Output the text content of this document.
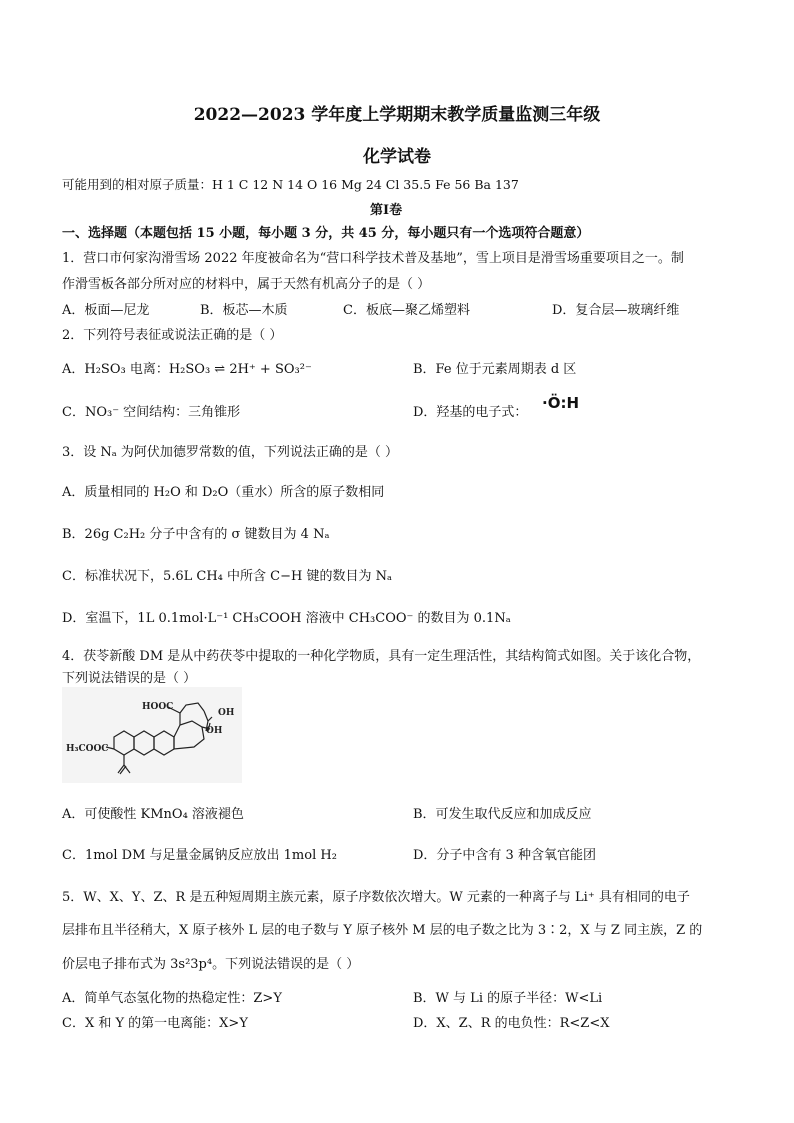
2022—2023 学年度上学期期末教学质量监测三年级
化学试卷
可能用到的相对原子质量：H 1 C 12 N 14 O 16 Mg 24 Cl 35.5 Fe 56 Ba 137
第Ⅰ卷
一、选择题（本题包括 15 小题，每小题 3 分，共 45 分，每小题只有一个选项符合题意）
1．营口市何家沟滑雪场 2022 年度被命名为“营口科学技术普及基地”，雪上项目是滑雪场重要项目之一。制
作滑雪板各部分所对应的材料中，属于天然有机高分子的是（ ）
A．板面—尼龙	B．板芯—木质	C．板底—聚乙烯塑料	D．复合层—玻璃纤维
2．下列符号表征或说法正确的是（ ）
A．H₂SO₃ 电离：H₂SO₃ ⇌ 2H⁺ + SO₃²⁻	B．Fe 位于元素周期表 d 区
C．NO₃⁻ 空间结构：三角锥形	D．羟基的电子式：
·Ö:H
3．设 Nₐ 为阿伏加德罗常数的值，下列说法正确的是（ ）
A．质量相同的 H₂O 和 D₂O（重水）所含的原子数相同
B．26g C₂H₂ 分子中含有的 σ 键数目为 4 Nₐ
C．标准状况下，5.6L CH₄ 中所含 C−H 键的数目为 Nₐ
D．室温下，1L 0.1mol·L⁻¹ CH₃COOH 溶液中 CH₃COO⁻ 的数目为 0.1Nₐ
4．茯苓新酸 DM 是从中药茯苓中提取的一种化学物质，具有一定生理活性，其结构简式如图。关于该化合物，
下列说法错误的是（ ）
HOOC
OH
OH
H₃COOC
A．可使酸性 KMnO₄ 溶液褪色	B．可发生取代反应和加成反应
C．1mol DM 与足量金属钠反应放出 1mol H₂	D．分子中含有 3 种含氧官能团
5．W、X、Y、Z、R 是五种短周期主族元素，原子序数依次增大。W 元素的一种离子与 Li⁺ 具有相同的电子
层排布且半径稍大，X 原子核外 L 层的电子数与 Y 原子核外 M 层的电子数之比为 3∶2，X 与 Z 同主族，Z 的
价层电子排布式为 3s²3p⁴。下列说法错误的是（ ）
A．简单气态氢化物的热稳定性：Z>Y	B．W 与 Li 的原子半径：W<Li
C．X 和 Y 的第一电离能：X>Y	D．X、Z、R 的电负性：R<Z<X
